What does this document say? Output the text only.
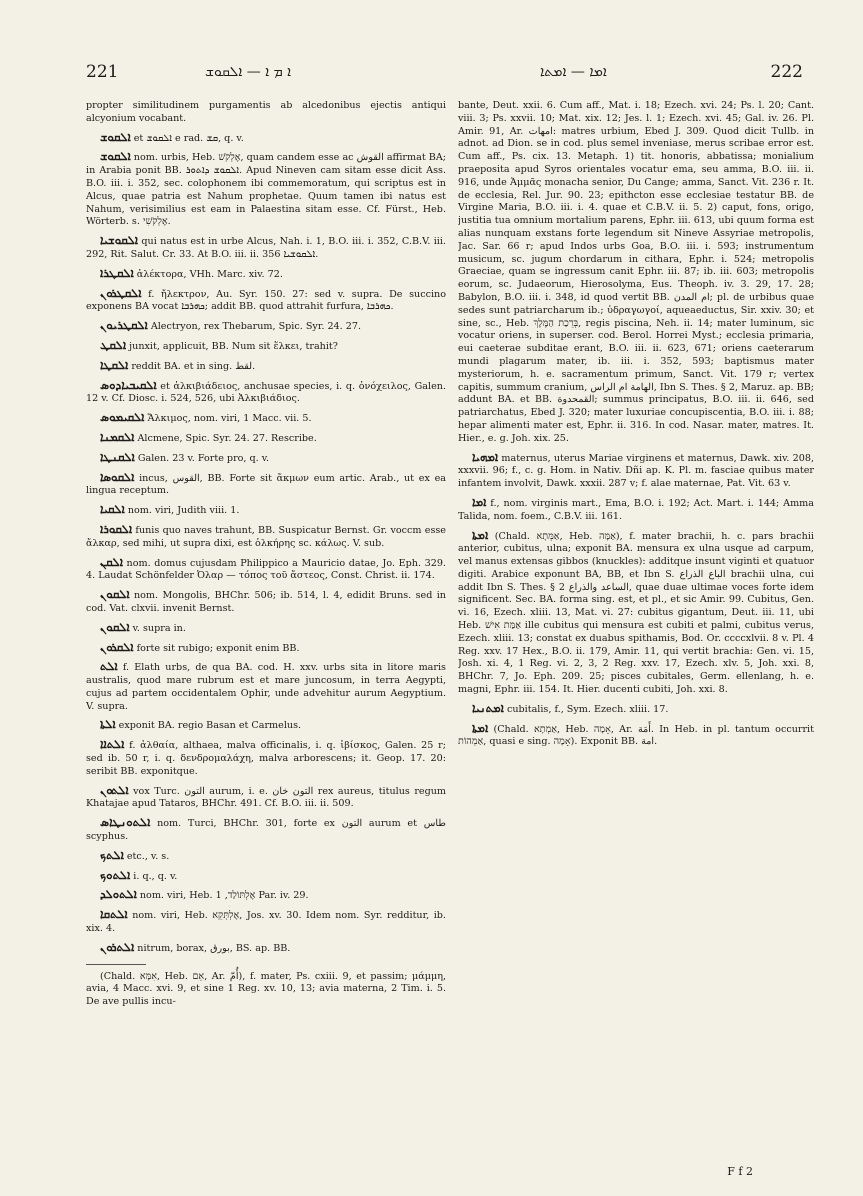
221	ܐ ܡ ܐ — ܐܠܩܘܫ	ܐܡܐ — ܐܡܬܐ	222

propter similitudinem purgamentis ab alcedonibus ejectis antiqui alcyonium vocabant.

ܐܠܩܘܫ et ܐܠܩܘܫ e rad. ܩܫ, q. v.

ܐܠܩܘܫ nom. urbis, Heb. אֶלְקֹשׁ, quam candem esse ac القوش affirmat BA; in Arabia ponit BB. ܐܠܩܘܫ ܕܐܬܘܪ. Apud Nineven cam sitam esse dicit Ass. B.O. iii. i. 352, sec. colophonem ibi commemoratum, qui scriptus est in Alcus, quae patria est Nahum prophetae. Quum tamen ibi natus est Nahum, verisimilius est eam in Palaestina sitam esse. Cf. Fürst., Heb. Wörterb. s. אֶלְקֹשִׁי.

ܐܠܩܘܫܝܐ qui natus est in urbe Alcus, Nah. i. 1, B.O. iii. i. 352, C.B.V. iii. 292, Rit. Salut. Cr. 33. At B.O. iii. ii. 356 ܐܠܩܘܫܝܐ.

ܐܠܩܛܪܐ ἀλέκτορα, VHh. Marc. xiv. 72.

ܐܠܩܛܪܘܢ f. ἤλεκτρον, Au. Syr. 150. 27: sed v. supra. De succino exponens BA vocat ܟܗܪܒܐ; addit BB. quod attrahit furfura, ܟܗܪܒܐ.

ܐܠܩܛܪܝܘܢ Alectryon, rex Thebarum, Spic. Syr. 24. 27.

ܐܠܩܛ junxit, applicuit, BB. Num sit ἕλκει, trahit?

ܐܠܩܛܐ reddit BA. et in sing. لقط.

ܐܠܩܝܒܝܐܕܘܣ et ἀλκιβιάδειος, anchusae species, i. q. ὀνόχειλος, Galen. 12 v. Cf. Diosc. i. 524, 526, ubi Ἀλκιβιάδιος.

ܐܠܩܝܡܘܣ Ἄλκιμος, nom. viri, 1 Macc. vii. 5.

ܐܠܩܡܢܐ Alcmene, Spic. Syr. 24. 27. Rescribe.

ܐܠܩܢܛܐ Galen. 23 v. Forte pro, q. v.

ܐܠܩܘܣܐ incus, القوس, BB. Forte sit ἄκμων eum artic. Arab., ut ex ea lingua receptum.

ܐܠܩܝܐ nom. viri, Judith viii. 1.

ܐܠܩܘܪܐ funis quo naves trahunt, BB. Suspicatur Bernst. Gr. voccm esse ἄλκαρ, sed mihi, ut supra dixi, est ὁλκήρης sc. κάλως. V. sub.

ܐܠܩܢ nom. domus cujusdam Philippico a Mauricio datae, Jo. Eph. 329. 4. Laudat Schönfelder Ὀλαρ — τόπος τοῦ ἄστεος, Const. Christ. ii. 174.

ܐܠܩܘܢ nom. Mongolis, BHChr. 506; ib. 514, l. 4, edidit Bruns. sed in cod. Vat. clxvii. invenit Bernst.

ܐܠܩܘܢ v. supra in.

ܐܠܩܪܘܢ forte sit rubigo; exponit enim BB.

ܐܠܬ f. Elath urbs, de qua BA. cod. H. xxv. urbs sita in litore maris australis, quod mare rubrum est et mare juncosum, in terra Aegypti, cujus ad partem occidentalem Ophir, unde advehitur aurum Aegyptium. V. supra.

ܐܠܬܐ exponit BA. regio Basan et Carmelus.

ܐܠܬܐܐ f. ἀλθαία, althaea, malva officinalis, i. q. ἰβίσκος, Galen. 25 r; sed ib. 50 r, i. q. δενδρομαλάχη, malva arborescens; it. Geop. 17. 20: seribit BB. exponitque.

ܐܠܬܘܢ vox Turc. التون aurum, i. e. التون خان rex aureus, titulus regum Khatajae apud Tataros, BHChr. 491. Cf. B.O. iii. ii. 509.

ܐܠܬܘܢܛܐܣ nom. Turci, BHChr. 301, forte ex التون aurum et طاس scyphus.

ܐܠܬܟ etc., v. s.

ܐܠܬܘܟ i. q., q. v.

ܐܠܬܘܠܕ nom. viri, Heb. אֶלְתּוֹלַד, 1 Par. iv. 29.

ܐܠܬܩܐ nom. viri, Heb. אֶלְתְּקֵא, Jos. xv. 30. Idem nom. Syr. redditur, ib. xix. 4.

ܐܠܬܪܘܢ nitrum, borax, بورق, BS. ap. BB.

(Chald. אִמָּא, Heb. אֵם, Ar. أُمّ), f. mater, Ps. cxiii. 9, et passim; μάμμη, avia, 4 Macc. xvi. 9, et sine 1 Reg. xv. 10, 13; avia materna, 2 Tim. i. 5. De ave pullis incu-

bante, Deut. xxii. 6. Cum aff., Mat. i. 18; Ezech. xvi. 24; Ps. l. 20; Cant. viii. 3; Ps. xxvii. 10; Mat. xix. 12; Jes. l. 1; Ezech. xvi. 45; Gal. iv. 26. Pl. Amir. 91, Ar. امهات: matres urbium, Ebed J. 309. Quod dicit Tullb. in adnot. ad Dion. se in cod. plus semel inveniase, merus scribae error est. Cum aff., Ps. cix. 13. Metaph. 1) tit. honoris, abbatissa; monialium praeposita apud Syros orientales vocatur ema, seu amma, B.O. iii. ii. 916, unde Ἀμμᾶς monacha senior, Du Cange; amma, Sanct. Vit. 236 r. It. de ecclesia, Rel. Jur. 90. 23; epithcton esse ecclesiae testatur BB. de Virgine Maria, B.O. iii. i. 4. quae et C.B.V. ii. 5. 2) caput, fons, origo, justitia tua omnium mortalium parens, Ephr. iii. 613, ubi quum forma est alias nunquam exstans forte legendum sit Nineve Assyriae metropolis, Jac. Sar. 66 r; apud Indos urbs Goa, B.O. iii. i. 593; instrumentum musicum, sc. jugum chordarum in cithara, Ephr. i. 524; metropolis Graeciae, quam se ingressum canit Ephr. iii. 87; ib. iii. 603; metropolis eorum, sc. Judaeorum, Hierosolyma, Eus. Theoph. iv. 3. 29, 17. 28; Babylon, B.O. iii. i. 348, id quod vertit BB. ام المدن; pl. de urbibus quae sedes sunt patriarcharum ib.; ὑδραγωγοί, aqueaeductus, Sir. xxiv. 30; et sine, sc., Heb. בְּרֵכַת הַמֶּלֶךְ, regis piscina, Neh. ii. 14; mater luminum, sic vocatur oriens, in superser. cod. Berol. Horrei Myst.; ecclesia primaria, eui caeterae subditae erant, B.O. iii. ii. 623, 671; oriens caeterarum mundi plagarum mater, ib. iii. i. 352, 593; baptismus mater mysteriorum, h. e. sacramentum primum, Sanct. Vit. 179 r; vertex capitis, summum cranium, الهامة ام الراس, Ibn S. Thes. § 2, Maruz. ap. BB; addunt BA. et BB. القمحدوة; summus principatus, B.O. iii. ii. 646, sed patriarchatus, Ebed J. 320; mater luxuriae concupiscentia, B.O. iii. i. 88; hepar alimenti mater est, Ephr. ii. 316. In cod. Nasar. mater, matres. It. Hier., e. g. Joh. xix. 25.

ܐܡܗܝܐ maternus, uterus Mariae virginens et maternus, Dawk. xiv. 208, xxxvii. 96; f., c. g. Hom. in Nativ. Dñi ap. K. Pl. m. fasciae quibus mater infantem involvit, Dawk. xxxii. 287 v; f. alae maternae, Pat. Vit. 63 v.

ܐܡܐ f., nom. virginis mart., Ema, B.O. i. 192; Act. Mart. i. 144; Amma Talida, nom. foem., C.B.V. iii. 161.

ܐܡܬܐ (Chald. אַמְּתָא, Heb. אַמָּה), f. mater brachii, h. c. pars brachii anterior, cubitus, ulna; exponit BA. mensura ex ulna usque ad carpum, vel manus extensas gibbos (knuckles): additque insunt viginti et quatuor digiti. Arabice exponunt BA, BB, et Ibn S. الباع الذراع brachii ulna, cui addit Ibn S. Thes. § 2 الساعد والذراع, quae duae ultimae voces forte idem significent. Sec. BA. forma sing. est, et pl., et sic Amir. 99. Cubitus, Gen. vi. 16, Ezech. xliii. 13, Mat. vi. 27: cubitus gigantum, Deut. iii. 11, ubi Heb. אַמַּת אִישׁ ille cubitus qui mensura est cubiti et palmi, cubitus verus, Ezech. xliii. 13; constat ex duabus spithamis, Bod. Or. ccccxlvii. 8 v. Pl. 4 Reg. xxv. 17 Hex., B.O. ii. 179, Amir. 11, qui vertit brachia: Gen. vi. 15, Josh. xi. 4, 1 Reg. vi. 2, 3, 2 Reg. xxv. 17, Ezech. xlv. 5, Joh. xxi. 8, BHChr. 7, Jo. Eph. 209. 25; pisces cubitales, Germ. ellenlang, h. e. magni, Ephr. iii. 154. It. Hier. ducenti cubiti, Joh. xxi. 8.

ܐܡܬܢܝܐ cubitalis, f., Sym. Ezech. xliii. 17.

ܐܡܬܐ (Chald. אַמְתָא, Heb. אָמָה, Ar. أَمَة. In Heb. in pl. tantum occurrit אַמְהוֹת, quasi e sing. אָמָה). Exponit BB. امة.

F f 2
